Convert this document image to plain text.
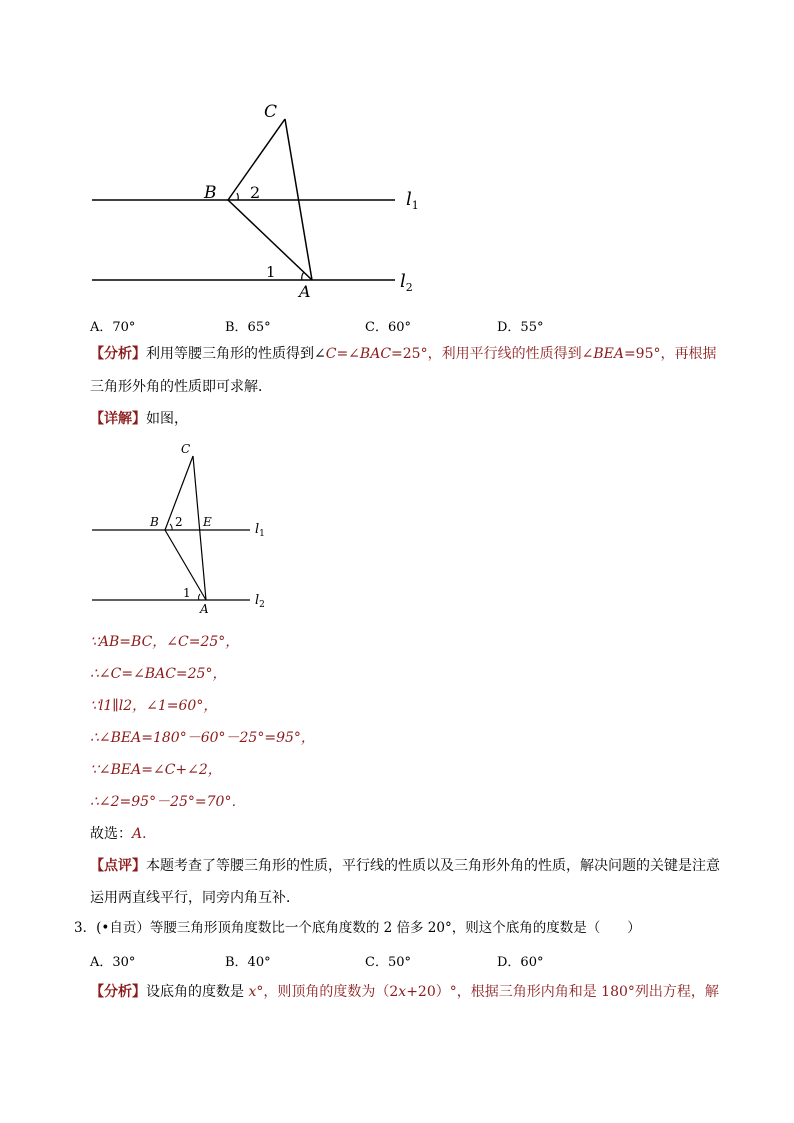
C
B 2	$l_1$
1
A	$l_2$
A．70°	B．65°	C．60°	D．55°
【分析】利用等腰三角形的性质得到∠C=∠BAC=25°，利用平行线的性质得到∠BEA=95°，再根据
三角形外角的性质即可求解．
【详解】如图，
C
B 2 E	$l_1$
1
A
$l_2$
∵AB=BC，∠C=25°，
∴∠C=∠BAC=25°，
∵l1∥l2，∠1=60°，
∴∠BEA=180°－60°－25°=95°，
∵∠BEA=∠C+∠2，
∴∠2=95°－25°=70°．
故选：A．
【点评】本题考查了等腰三角形的性质，平行线的性质以及三角形外角的性质，解决问题的关键是注意
运用两直线平行，同旁内角互补．
3．(•自贡）等腰三角形顶角度数比一个底角度数的 2 倍多 20°，则这个底角的度数是（　　）
A．30°	B．40°	C．50°	D．60°
【分析】设底角的度数是 x°，则顶角的度数为（2x+20）°，根据三角形内角和是 180°列出方程，解
